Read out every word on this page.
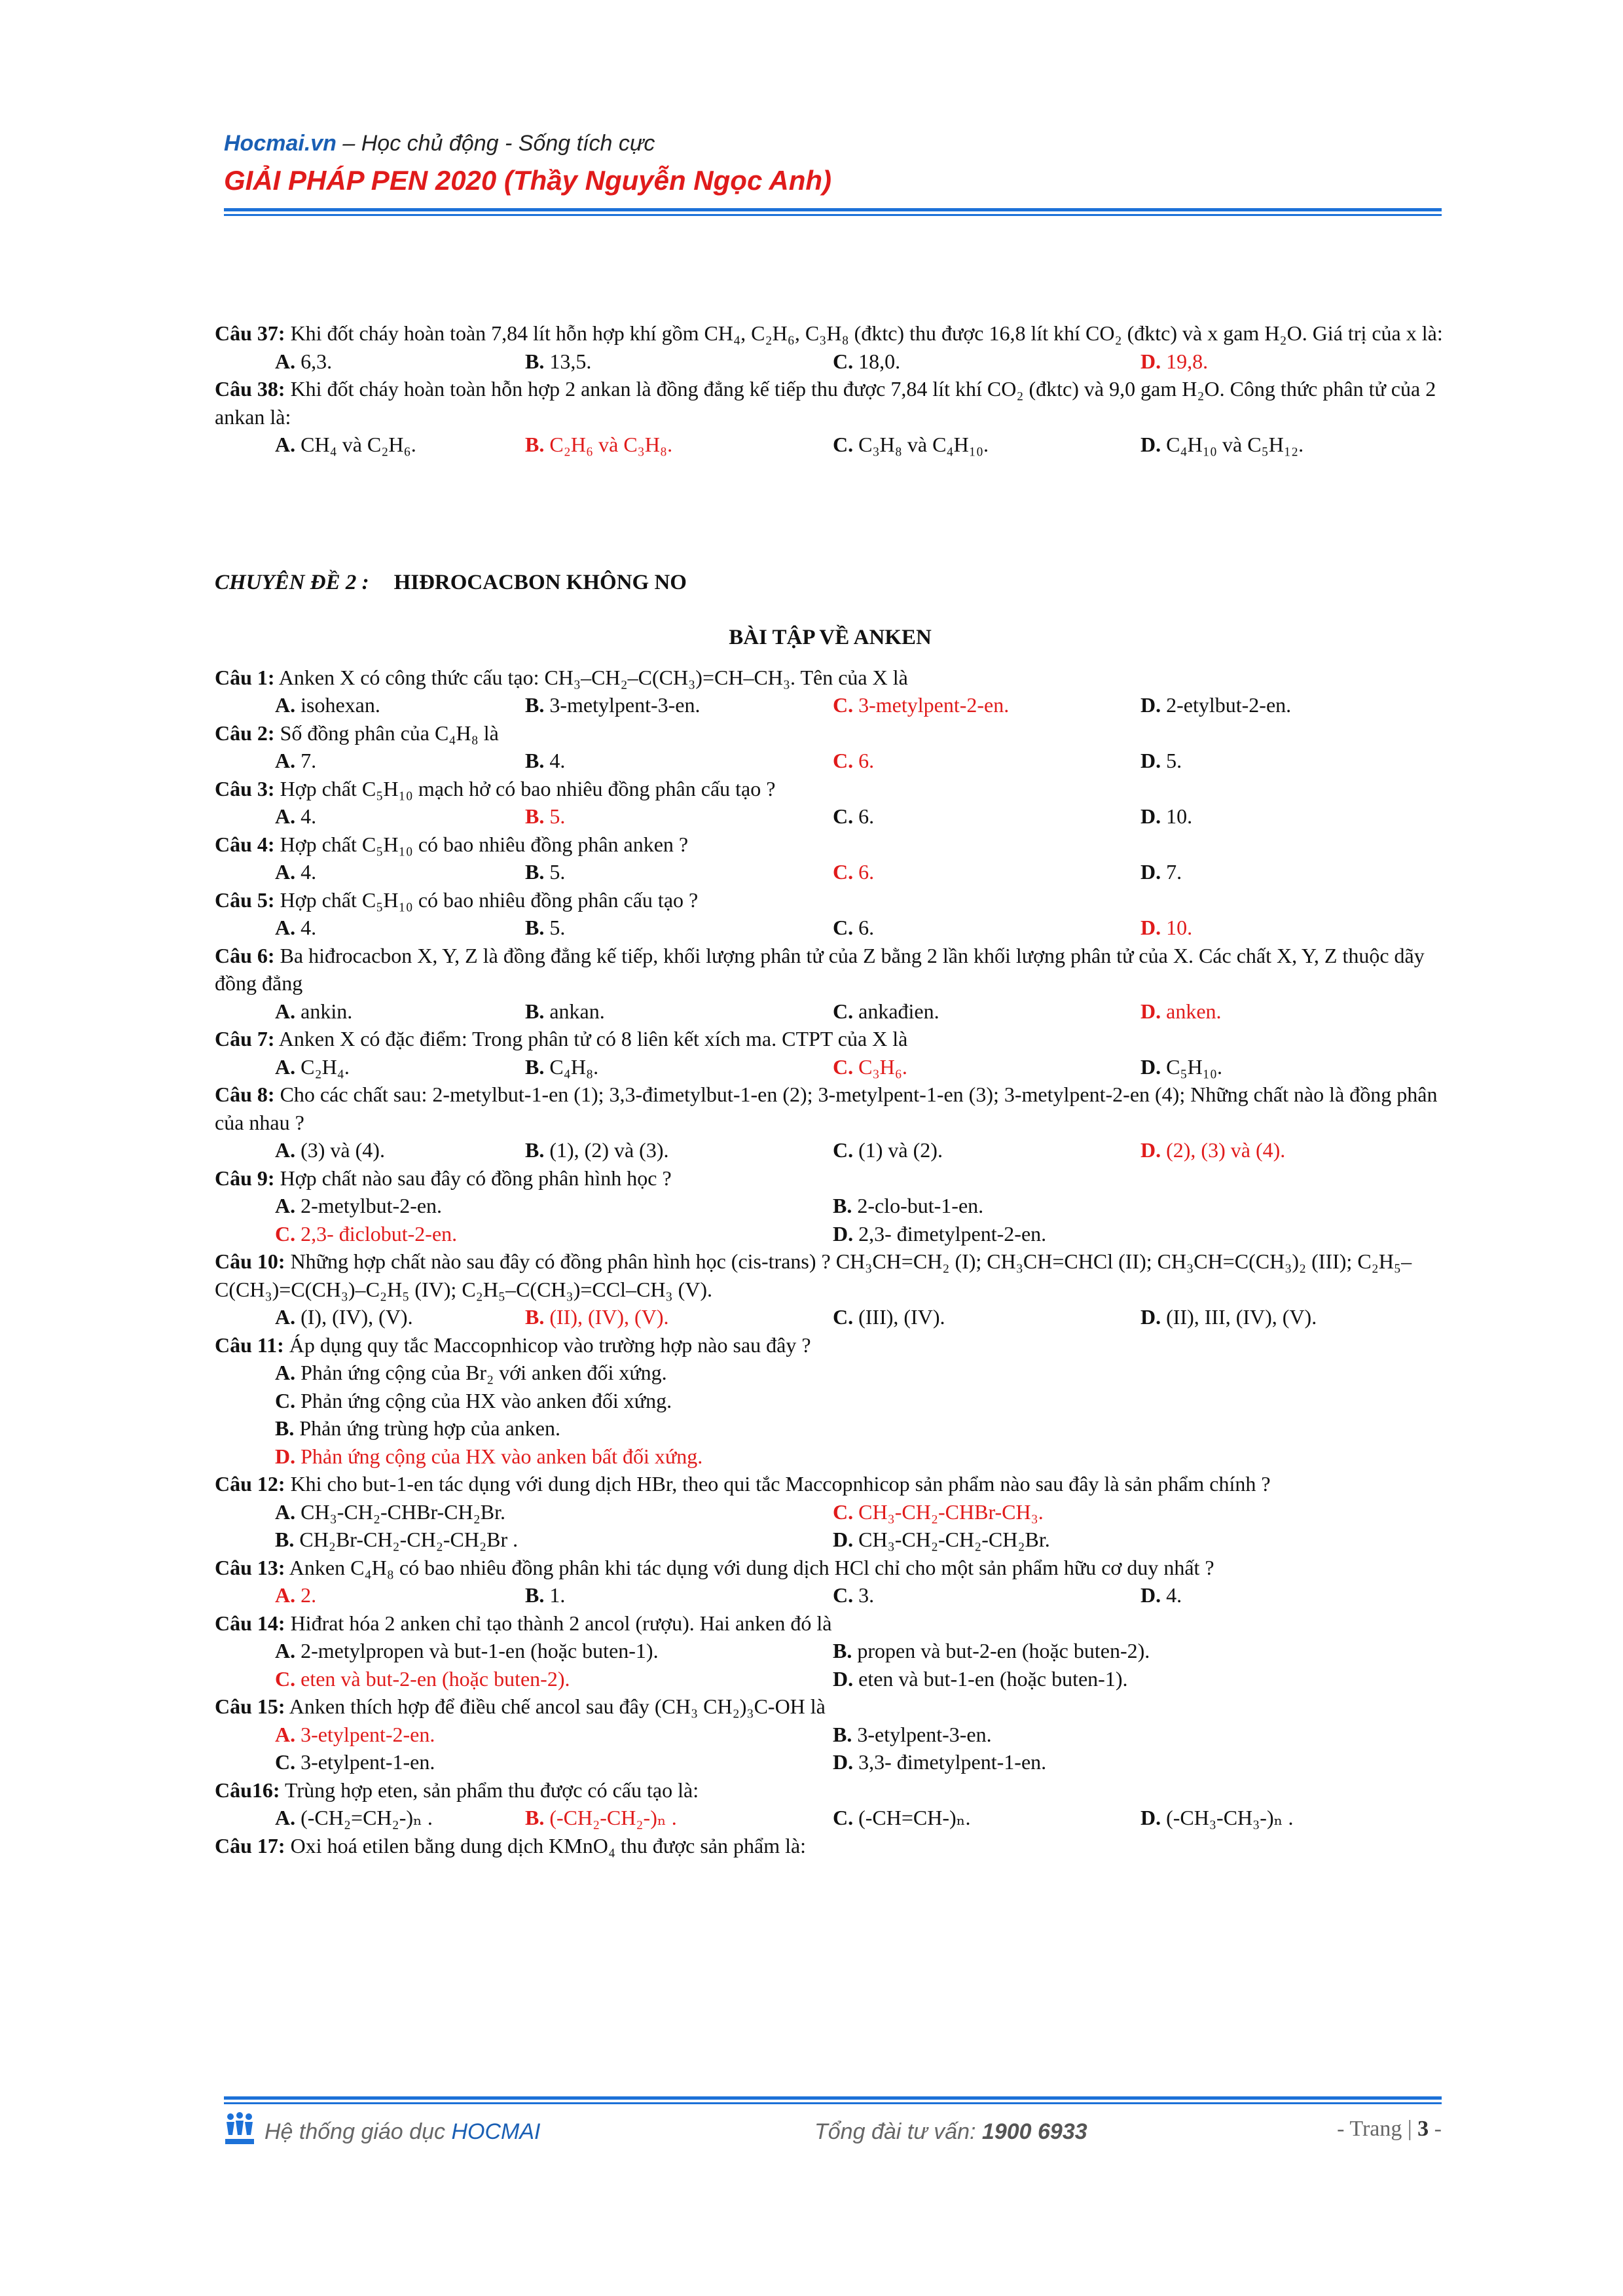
Hocmai.vn – Học chủ động - Sống tích cực
GIẢI PHÁP PEN 2020 (Thầy Nguyễn Ngọc Anh)

Câu 37: Khi đốt cháy hoàn toàn 7,84 lít hỗn hợp khí gồm CH₄, C₂H₆, C₃H₈ (đktc) thu được 16,8 lít khí CO₂ (đktc) và x gam H₂O. Giá trị của x là:

A. 6,3.	B. 13,5.	C. 18,0.	D. 19,8.

Câu 38: Khi đốt cháy hoàn toàn hỗn hợp 2 ankan là đồng đẳng kế tiếp thu được 7,84 lít khí CO₂ (đktc) và 9,0 gam H₂O. Công thức phân tử của 2 ankan là:

A. CH₄ và C₂H₆.	B. C₂H₆ và C₃H₈.	C. C₃H₈ và C₄H₁₀.	D. C₄H₁₀ và C₅H₁₂.
CHUYÊN ĐỀ 2 : HIĐROCACBON KHÔNG NO
BÀI TẬP VỀ ANKEN

Câu 1: Anken X có công thức cấu tạo: CH₃–CH₂–C(CH₃)=CH–CH₃. Tên của X là

A. isohexan.	B. 3-metylpent-3-en.	C. 3-metylpent-2-en.	D. 2-etylbut-2-en.

Câu 2: Số đồng phân của C₄H₈ là

A. 7.	B. 4.	C. 6.	D. 5.

Câu 3: Hợp chất C₅H₁₀ mạch hở có bao nhiêu đồng phân cấu tạo ?

A. 4.	B. 5.	C. 6.	D. 10.

Câu 4: Hợp chất C₅H₁₀ có bao nhiêu đồng phân anken ?

A. 4.	B. 5.	C. 6.	D. 7.

Câu 5: Hợp chất C₅H₁₀ có bao nhiêu đồng phân cấu tạo ?

A. 4.	B. 5.	C. 6.	D. 10.

Câu 6: Ba hiđrocacbon X, Y, Z là đồng đẳng kế tiếp, khối lượng phân tử của Z bằng 2 lần khối lượng phân tử của X. Các chất X, Y, Z thuộc dãy đồng đẳng

A. ankin.	B. ankan.	C. ankađien.	D. anken.

Câu 7: Anken X có đặc điểm: Trong phân tử có 8 liên kết xích ma. CTPT của X là

A. C₂H₄.	B. C₄H₈.	C. C₃H₆.	D. C₅H₁₀.

Câu 8: Cho các chất sau: 2-metylbut-1-en (1); 3,3-đimetylbut-1-en (2); 3-metylpent-1-en (3); 3-metylpent-2-en (4); Những chất nào là đồng phân của nhau ?

A. (3) và (4).	B. (1), (2) và (3).	C. (1) và (2).	D. (2), (3) và (4).

Câu 9: Hợp chất nào sau đây có đồng phân hình học ?

A. 2-metylbut-2-en.	B. 2-clo-but-1-en.
C. 2,3- điclobut-2-en.	D. 2,3- đimetylpent-2-en.

Câu 10: Những hợp chất nào sau đây có đồng phân hình học (cis-trans) ? CH₃CH=CH₂ (I); CH₃CH=CHCl (II); CH₃CH=C(CH₃)₂ (III); C₂H₅–C(CH₃)=C(CH₃)–C₂H₅ (IV); C₂H₅–C(CH₃)=CCl–CH₃ (V).

A. (I), (IV), (V).	B. (II), (IV), (V).	C. (III), (IV).	D. (II), III, (IV), (V).

Câu 11: Áp dụng quy tắc Maccopnhicop vào trường hợp nào sau đây ?

A. Phản ứng cộng của Br₂ với anken đối xứng.
C. Phản ứng cộng của HX vào anken đối xứng.
B. Phản ứng trùng hợp của anken.
D. Phản ứng cộng của HX vào anken bất đối xứng.

Câu 12: Khi cho but-1-en tác dụng với dung dịch HBr, theo qui tắc Maccopnhicop sản phẩm nào sau đây là sản phẩm chính ?

A. CH₃-CH₂-CHBr-CH₂Br.	C. CH₃-CH₂-CHBr-CH₃.
B. CH₂Br-CH₂-CH₂-CH₂Br .	D. CH₃-CH₂-CH₂-CH₂Br.

Câu 13: Anken C₄H₈ có bao nhiêu đồng phân khi tác dụng với dung dịch HCl chỉ cho một sản phẩm hữu cơ duy nhất ?

A. 2.	B. 1.	C. 3.	D. 4.

Câu 14: Hiđrat hóa 2 anken chỉ tạo thành 2 ancol (rượu). Hai anken đó là

A. 2-metylpropen và but-1-en (hoặc buten-1).	B. propen và but-2-en (hoặc buten-2).
C. eten và but-2-en (hoặc buten-2).	D. eten và but-1-en (hoặc buten-1).

Câu 15: Anken thích hợp để điều chế ancol sau đây (CH₃ CH₂)₃C-OH là

A. 3-etylpent-2-en.	B. 3-etylpent-3-en.
C. 3-etylpent-1-en.	D. 3,3- đimetylpent-1-en.

Câu16: Trùng hợp eten, sản phẩm thu được có cấu tạo là:

A. (-CH₂=CH₂-)ₙ .	B. (-CH₂-CH₂-)ₙ .	C. (-CH=CH-)ₙ.	D. (-CH₃-CH₃-)ₙ .

Câu 17: Oxi hoá etilen bằng dung dịch KMnO₄ thu được sản phẩm là:

Hệ thống giáo dục HOCMAI	Tổng đài tư vấn: 1900 6933	- Trang | 3 -
